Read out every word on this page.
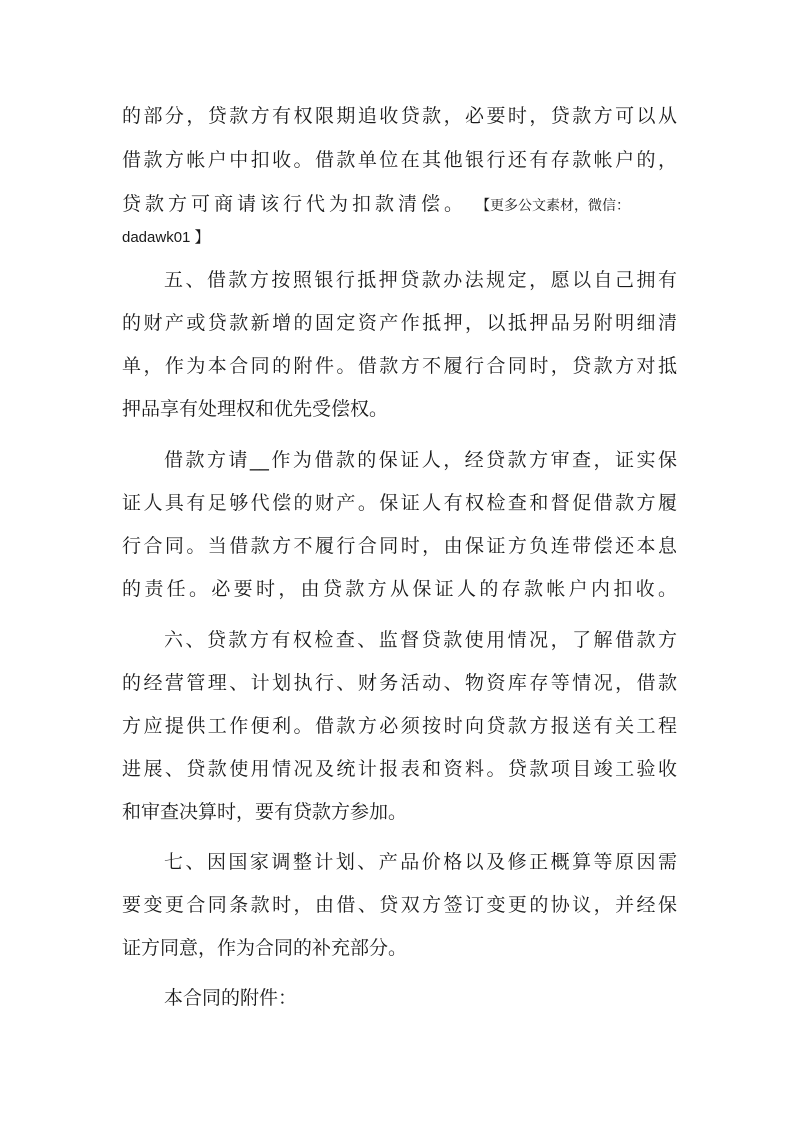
的部分，贷款方有权限期追收贷款，必要时，贷款方可以从
借款方帐户中扣收。借款单位在其他银行还有存款帐户的，
贷款方可商请该行代为扣款清偿。 【更多公文素材，微信：
dadawk01 】
五、借款方按照银行抵押贷款办法规定，愿以自己拥有
的财产或贷款新增的固定资产作抵押，以抵押品另附明细清
单，作为本合同的附件。借款方不履行合同时，贷款方对抵
押品享有处理权和优先受偿权。
借款方请__作为借款的保证人，经贷款方审查，证实保
证人具有足够代偿的财产。保证人有权检查和督促借款方履
行合同。当借款方不履行合同时，由保证方负连带偿还本息
的责任。必要时，由贷款方从保证人的存款帐户内扣收。
六、贷款方有权检查、监督贷款使用情况，了解借款方
的经营管理、计划执行、财务活动、物资库存等情况，借款
方应提供工作便利。借款方必须按时向贷款方报送有关工程
进展、贷款使用情况及统计报表和资料。贷款项目竣工验收
和审查决算时，要有贷款方参加。
七、因国家调整计划、产品价格以及修正概算等原因需
要变更合同条款时，由借、贷双方签订变更的协议，并经保
证方同意，作为合同的补充部分。
本合同的附件：
